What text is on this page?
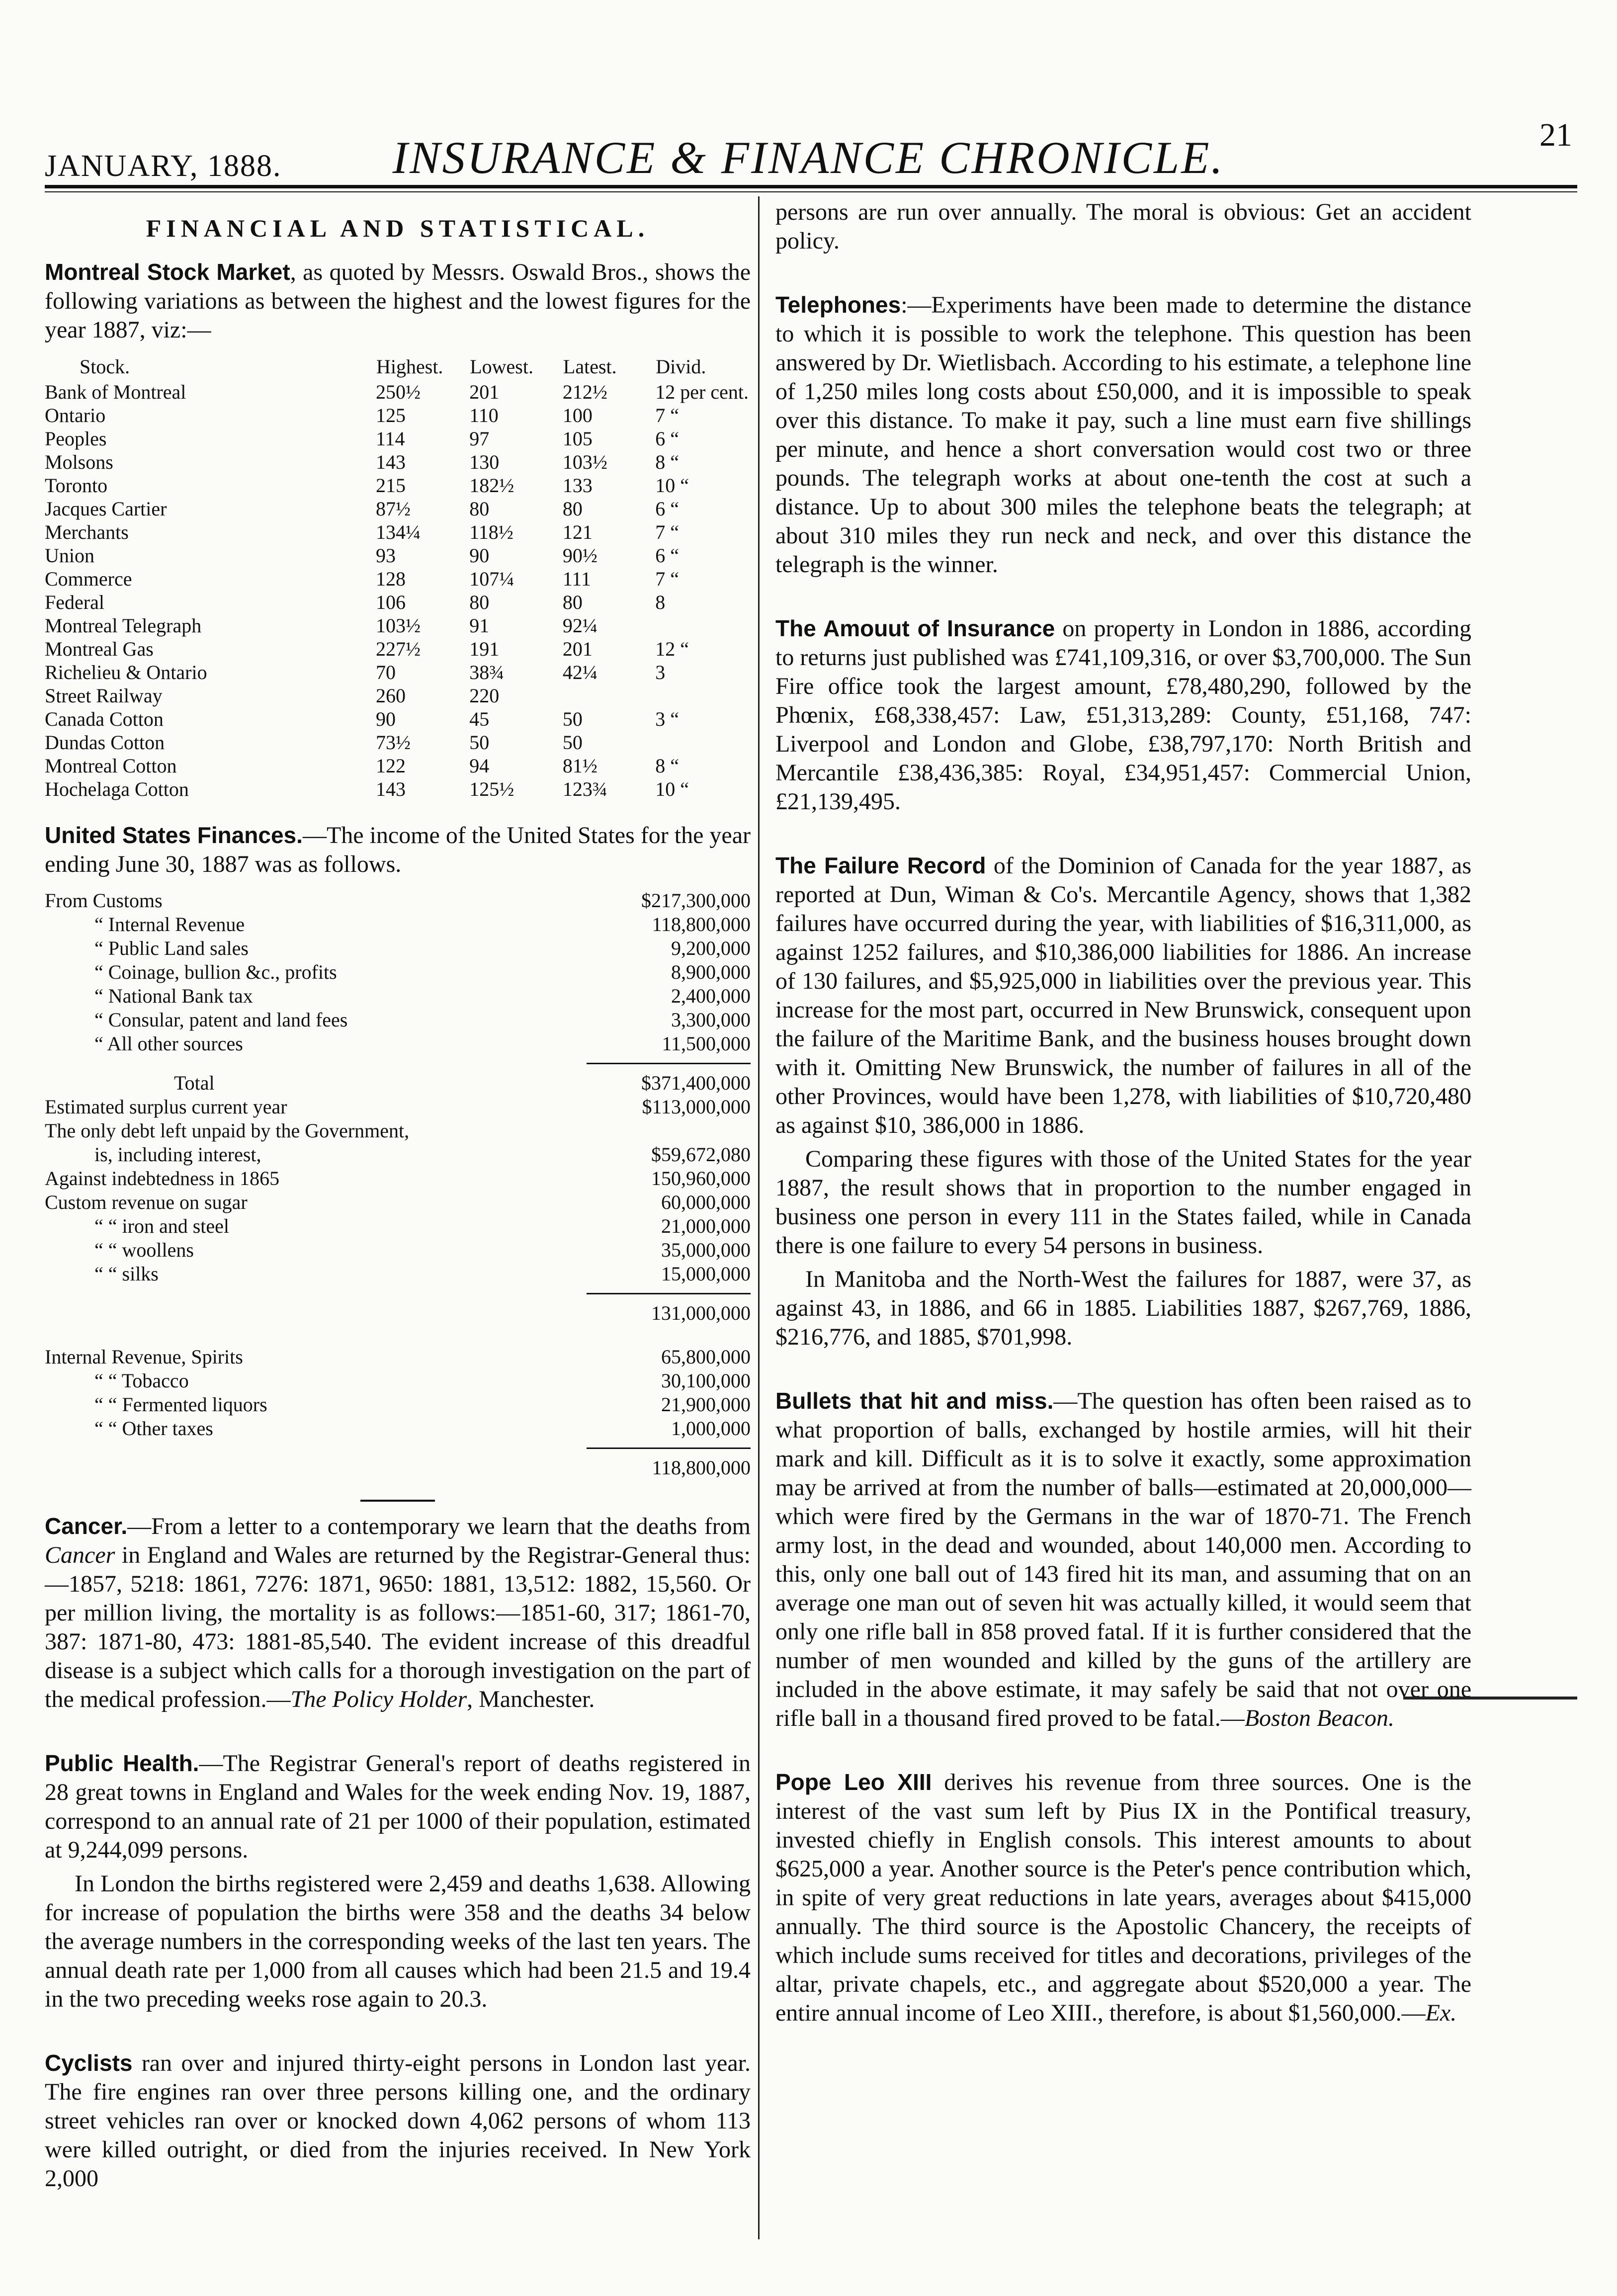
JANUARY, 1888.	INSURANCE & FINANCE CHRONICLE.	21
FINANCIAL AND STATISTICAL.

Montreal Stock Market, as quoted by Messrs. Oswald Bros., shows the following variations as between the highest and the lowest figures for the year 1887, viz:—

Stock.	Highest.	Lowest.	Latest.	Divid.
Bank of Montreal	250½	201	212½	12 per cent.
Ontario	125	110	100	7 “
Peoples	114	97	105	6 “
Molsons	143	130	103½	8 “
Toronto	215	182½	133	10 “
Jacques Cartier	87½	80	80	6 “
Merchants	134¼	118½	121	7 “
Union	93	90	90½	6 “
Commerce	128	107¼	111	7 “
Federal	106	80	80	8
Montreal Telegraph	103½	91	92¼	
Montreal Gas	227½	191	201	12 “
Richelieu & Ontario	70	38¾	42¼	3
Street Railway	260	220		
Canada Cotton	90	45	50	3 “
Dundas Cotton	73½	50	50	
Montreal Cotton	122	94	81½	8 “
Hochelaga Cotton	143	125½	123¾	10 “

United States Finances.—The income of the United States for the year ending June 30, 1887 was as follows.

From Customs	$217,300,000
“ Internal Revenue	118,800,000
“ Public Land sales	9,200,000
“ Coinage, bullion &c., profits	8,900,000
“ National Bank tax	2,400,000
“ Consular, patent and land fees	3,300,000
“ All other sources	11,500,000
Total	$371,400,000
Estimated surplus current year	$113,000,000
The only debt left unpaid by the Government,
is, including interest,	$59,672,080
Against indebtedness in 1865	150,960,000
Custom revenue on sugar	60,000,000
“ “ iron and steel	21,000,000
“ “ woollens	35,000,000
“ “ silks	15,000,000
131,000,000
Internal Revenue, Spirits	65,800,000
“ “ Tobacco	30,100,000
“ “ Fermented liquors	21,900,000
“ “ Other taxes	1,000,000
118,800,000

Cancer.—From a letter to a contemporary we learn that the deaths from Cancer in England and Wales are returned by the Registrar-General thus:—1857, 5218: 1861, 7276: 1871, 9650: 1881, 13,512: 1882, 15,560. Or per million living, the mortality is as follows:—1851-60, 317; 1861-70, 387: 1871-80, 473: 1881-85,540. The evident increase of this dreadful disease is a subject which calls for a thorough investigation on the part of the medical profession.—The Policy Holder, Manchester.

Public Health.—The Registrar General's report of deaths registered in 28 great towns in England and Wales for the week ending Nov. 19, 1887, correspond to an annual rate of 21 per 1000 of their population, estimated at 9,244,099 persons.

In London the births registered were 2,459 and deaths 1,638. Allowing for increase of population the births were 358 and the deaths 34 below the average numbers in the corresponding weeks of the last ten years. The annual death rate per 1,000 from all causes which had been 21.5 and 19.4 in the two preceding weeks rose again to 20.3.

Cyclists ran over and injured thirty-eight persons in London last year. The fire engines ran over three persons killing one, and the ordinary street vehicles ran over or knocked down 4,062 persons of whom 113 were killed outright, or died from the injuries received. In New York 2,000

persons are run over annually. The moral is obvious: Get an accident policy.

Telephones:—Experiments have been made to determine the distance to which it is possible to work the telephone. This question has been answered by Dr. Wietlisbach. According to his estimate, a telephone line of 1,250 miles long costs about £50,000, and it is impossible to speak over this distance. To make it pay, such a line must earn five shillings per minute, and hence a short conversation would cost two or three pounds. The telegraph works at about one-tenth the cost at such a distance. Up to about 300 miles the telephone beats the telegraph; at about 310 miles they run neck and neck, and over this distance the telegraph is the winner.

The Amouut of Insurance on property in London in 1886, according to returns just published was £741,109,316, or over $3,700,000. The Sun Fire office took the largest amount, £78,480,290, followed by the Phœnix, £68,338,457: Law, £51,313,289: County, £51,168, 747: Liverpool and London and Globe, £38,797,170: North British and Mercantile £38,436,385: Royal, £34,951,457: Commercial Union, £21,139,495.

The Failure Record of the Dominion of Canada for the year 1887, as reported at Dun, Wiman & Co's. Mercantile Agency, shows that 1,382 failures have occurred during the year, with liabilities of $16,311,000, as against 1252 failures, and $10,386,000 liabilities for 1886. An increase of 130 failures, and $5,925,000 in liabilities over the previous year. This increase for the most part, occurred in New Brunswick, consequent upon the failure of the Maritime Bank, and the business houses brought down with it. Omitting New Brunswick, the number of failures in all of the other Provinces, would have been 1,278, with liabilities of $10,720,480 as against $10, 386,000 in 1886.

Comparing these figures with those of the United States for the year 1887, the result shows that in proportion to the number engaged in business one person in every 111 in the States failed, while in Canada there is one failure to every 54 persons in business.

In Manitoba and the North-West the failures for 1887, were 37, as against 43, in 1886, and 66 in 1885. Liabilities 1887, $267,769, 1886, $216,776, and 1885, $701,998.

Bullets that hit and miss.—The question has often been raised as to what proportion of balls, exchanged by hostile armies, will hit their mark and kill. Difficult as it is to solve it exactly, some approximation may be arrived at from the number of balls—estimated at 20,000,000—which were fired by the Germans in the war of 1870-71. The French army lost, in the dead and wounded, about 140,000 men. According to this, only one ball out of 143 fired hit its man, and assuming that on an average one man out of seven hit was actually killed, it would seem that only one rifle ball in 858 proved fatal. If it is further considered that the number of men wounded and killed by the guns of the artillery are included in the above estimate, it may safely be said that not over one rifle ball in a thousand fired proved to be fatal.—Boston Beacon.

Pope Leo XIII derives his revenue from three sources. One is the interest of the vast sum left by Pius IX in the Pontifical treasury, invested chiefly in English consols. This interest amounts to about $625,000 a year. Another source is the Peter's pence contribution which, in spite of very great reductions in late years, averages about $415,000 annually. The third source is the Apostolic Chancery, the receipts of which include sums received for titles and decorations, privileges of the altar, private chapels, etc., and aggregate about $520,000 a year. The entire annual income of Leo XIII., therefore, is about $1,560,000.—Ex.
